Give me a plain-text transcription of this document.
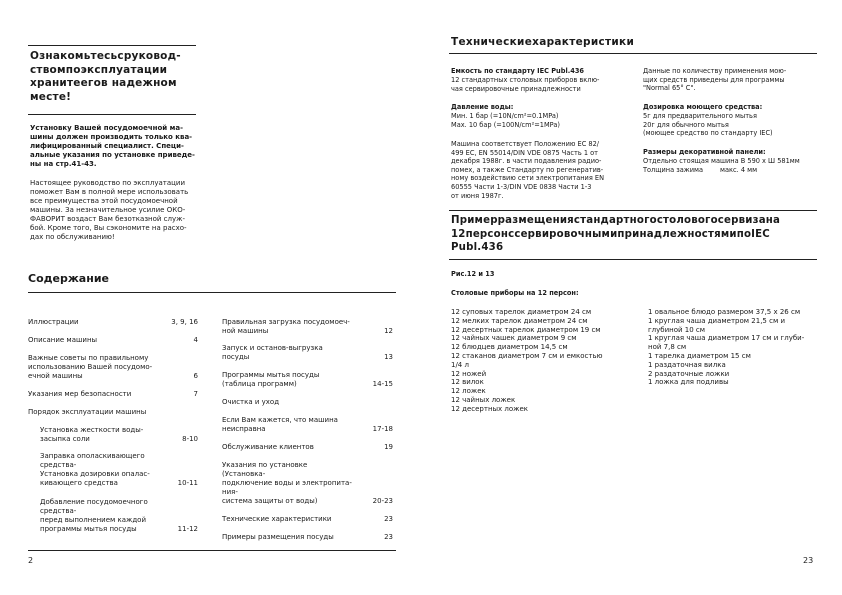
Ознакомьтесьсруковод-
ствомпоэксплуатации
хранитеегов надежном
месте!
Установку Вашей посудомоечной ма-
шины должен производить только ква-
лифицированный специалист. Специ-
альные указания по установке приведе-
ны на стр.41-43.
Настоящее руководство по эксплуатации
поможет Вам в полной мере использовать
все преимущества этой посудомоечной
машины. За незначительное усилие ОКО-
ФАВОРИТ воздаст Вам безотказной служ-
бой. Кроме того, Вы сэкономите на расхо-
дах по обслуживанию!
Содержание
Иллюстрации	3, 9, 16
Описание машины	4
Важные советы по правильному
использованию Вашей посудомо-
ечной машины	6
Указания мер безопасности	7
Порядок эксплуатации машины
Установка жесткости воды-
засыпка соли	8-10
Заправка ополаскивающего
средства-
Установка дозировки опалас-
кивающего средства	10-11
Добавление посудомоечного
средства-
перед выполнением каждой
программы мытья посуды	11-12
Правильная загрузка посудомоеч-
ной машины	12
Запуск и останов-выгрузка
посуды	13
Программы мытья посуды
(таблица программ)	14-15
Очистка и уход
Если Вам кажется, что машина
неисправна	17-18
Обслуживание клиентов	19
Указания по установке
(Установка-
подключение воды и электропита-
ния-
система защиты от воды)	20-23
Технические характеристики	23
Примеры размещения посуды	23
2
Техническиехарактеристики
Емкость по стандарту IEC Publ.436
12 стандартных столовых приборов вклю-
чая сервировочные принадлежности
Давление воды:
Мин. 1 бар (=10N/cm²=0.1MPa)
Max. 10 бар (=100N/cm²=1MPa)
Машина соответствует Положению ЕС 82/
499 ЕС, EN 55014/DIN VDE 0875 Часть 1 от
декабря 1988г. в части подавления радио-
помех, а также Стандарту по регенератив-
ному воздействию сети электропитания EN
60555 Части 1-3/DIN VDE 0838 Части 1-3
от июня 1987г.
Данные по количеству применения мою-
щих средств приведены для программы
"Normal 65° C".
Дозировка моющего средства:
5г для предварительного мытья
20г для обычного мытья
(моющее средство по стандарту IEC)
Размеры декоративной панели:
Отдельно стоящая машина В 590 х Ш 581мм
Толщина зажима	макс. 4 мм
Примерразмещениястандартногостоловогосервизана
12персонссервировочнымипринадлежностямипоIEC
Publ.436
Рис.12 и 13
Столовые приборы на 12 персон:
12 суповых тарелок диаметром 24 см
12 мелких тарелок диаметром 24 см
12 десертных тарелок диаметром 19 см
12 чайных чашек диаметром 9 см
12 блюдцев диаметром 14,5 см
12 стаканов диаметром 7 см и емкостью
1/4 л
12 ножей
12 вилок
12 ложек
12 чайных ложек
12 десертных ложек
1 овальное блюдо размером 37,5 х 26 см
1 круглая чаша диаметром 21,5 см и
глубиной 10 см
1 круглая чаша диаметром 17 см и глуби-
ной 7,8 см
1 тарелка диаметром 15 см
1 раздаточная вилка
2 раздаточные ложки
1 ложка для подливы
23
